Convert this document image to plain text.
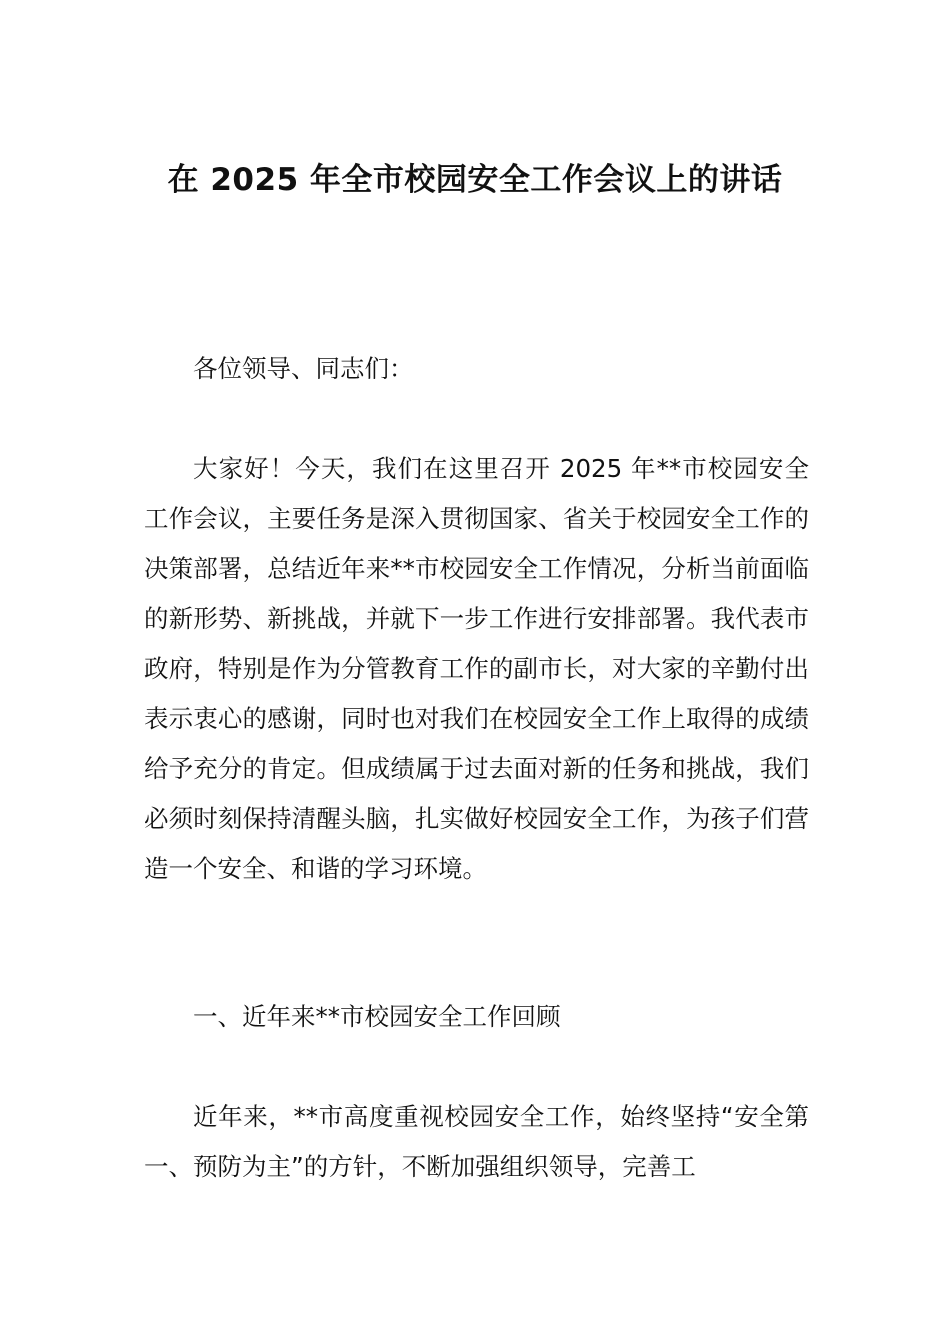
在 2025 年全市校园安全工作会议上的讲话

各位领导、同志们：

大家好！今天，我们在这里召开 2025 年**市校园安全工作会议，主要任务是深入贯彻国家、省关于校园安全工作的决策部署，总结近年来**市校园安全工作情况，分析当前面临的新形势、新挑战，并就下一步工作进行安排部署。我代表市政府，特别是作为分管教育工作的副市长，对大家的辛勤付出表示衷心的感谢，同时也对我们在校园安全工作上取得的成绩给予充分的肯定。但成绩属于过去面对新的任务和挑战，我们必须时刻保持清醒头脑，扎实做好校园安全工作，为孩子们营造一个安全、和谐的学习环境。

一、近年来**市校园安全工作回顾

近年来，**市高度重视校园安全工作，始终坚持“安全第一、预防为主”的方针，不断加强组织领导，完善工
